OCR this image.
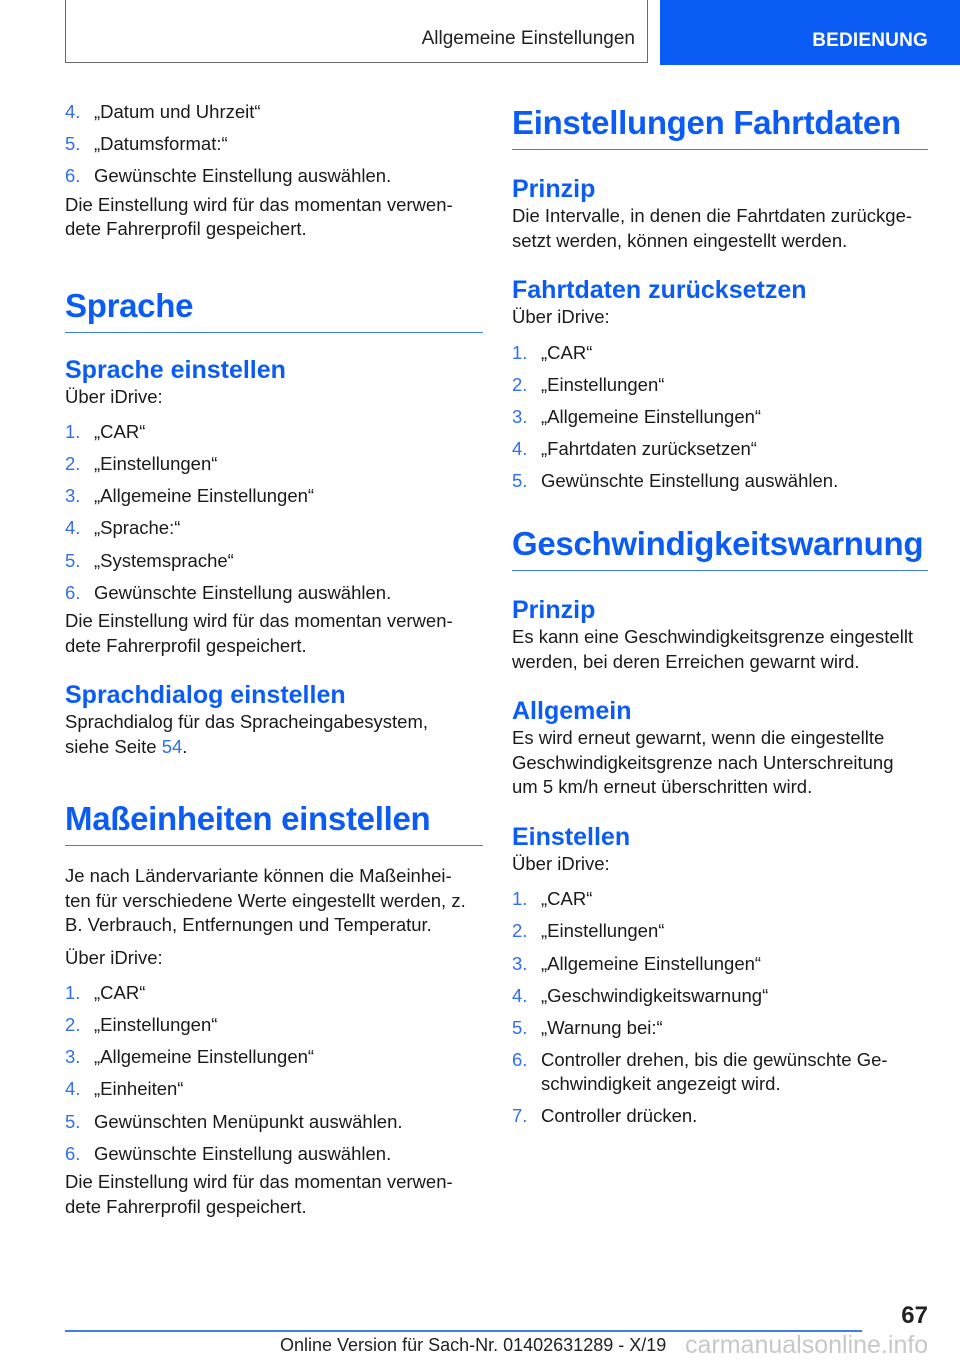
Allgemeine Einstellungen	BEDIENUNG
4. „Datum und Uhrzeit“
5. „Datumsformat:“
6. Gewünschte Einstellung auswählen.

Die Einstellung wird für das momentan verwen-dete Fahrerprofil gespeichert.

Sprache
Sprache einstellen

Über iDrive:

1. „CAR“
2. „Einstellungen“
3. „Allgemeine Einstellungen“
4. „Sprache:“
5. „Systemsprache“
6. Gewünschte Einstellung auswählen.

Die Einstellung wird für das momentan verwen-dete Fahrerprofil gespeichert.

Sprachdialog einstellen

Sprachdialog für das Spracheingabesystem, siehe Seite 54.

Maßeinheiten einstellen

Je nach Ländervariante können die Maßeinhei-ten für verschiedene Werte eingestellt werden, z. B. Verbrauch, Entfernungen und Temperatur.

Über iDrive:

1. „CAR“
2. „Einstellungen“
3. „Allgemeine Einstellungen“
4. „Einheiten“
5. Gewünschten Menüpunkt auswählen.
6. Gewünschte Einstellung auswählen.

Die Einstellung wird für das momentan verwen-dete Fahrerprofil gespeichert.

Einstellungen Fahrtdaten
Prinzip

Die Intervalle, in denen die Fahrtdaten zurückge-setzt werden, können eingestellt werden.

Fahrtdaten zurücksetzen

Über iDrive:

1. „CAR“
2. „Einstellungen“
3. „Allgemeine Einstellungen“
4. „Fahrtdaten zurücksetzen“
5. Gewünschte Einstellung auswählen.
Geschwindigkeitswarnung
Prinzip

Es kann eine Geschwindigkeitsgrenze eingestellt werden, bei deren Erreichen gewarnt wird.

Allgemein

Es wird erneut gewarnt, wenn die eingestellte Geschwindigkeitsgrenze nach Unterschreitung um 5 km/h erneut überschritten wird.

Einstellen

Über iDrive:

1. „CAR“
2. „Einstellungen“
3. „Allgemeine Einstellungen“
4. „Geschwindigkeitswarnung“
5. „Warnung bei:“
6. Controller drehen, bis die gewünschte Ge-schwindigkeit angezeigt wird.
7. Controller drücken.
67
Online Version für Sach-Nr. 01402631289 - X/19 carmanualsonline.info
